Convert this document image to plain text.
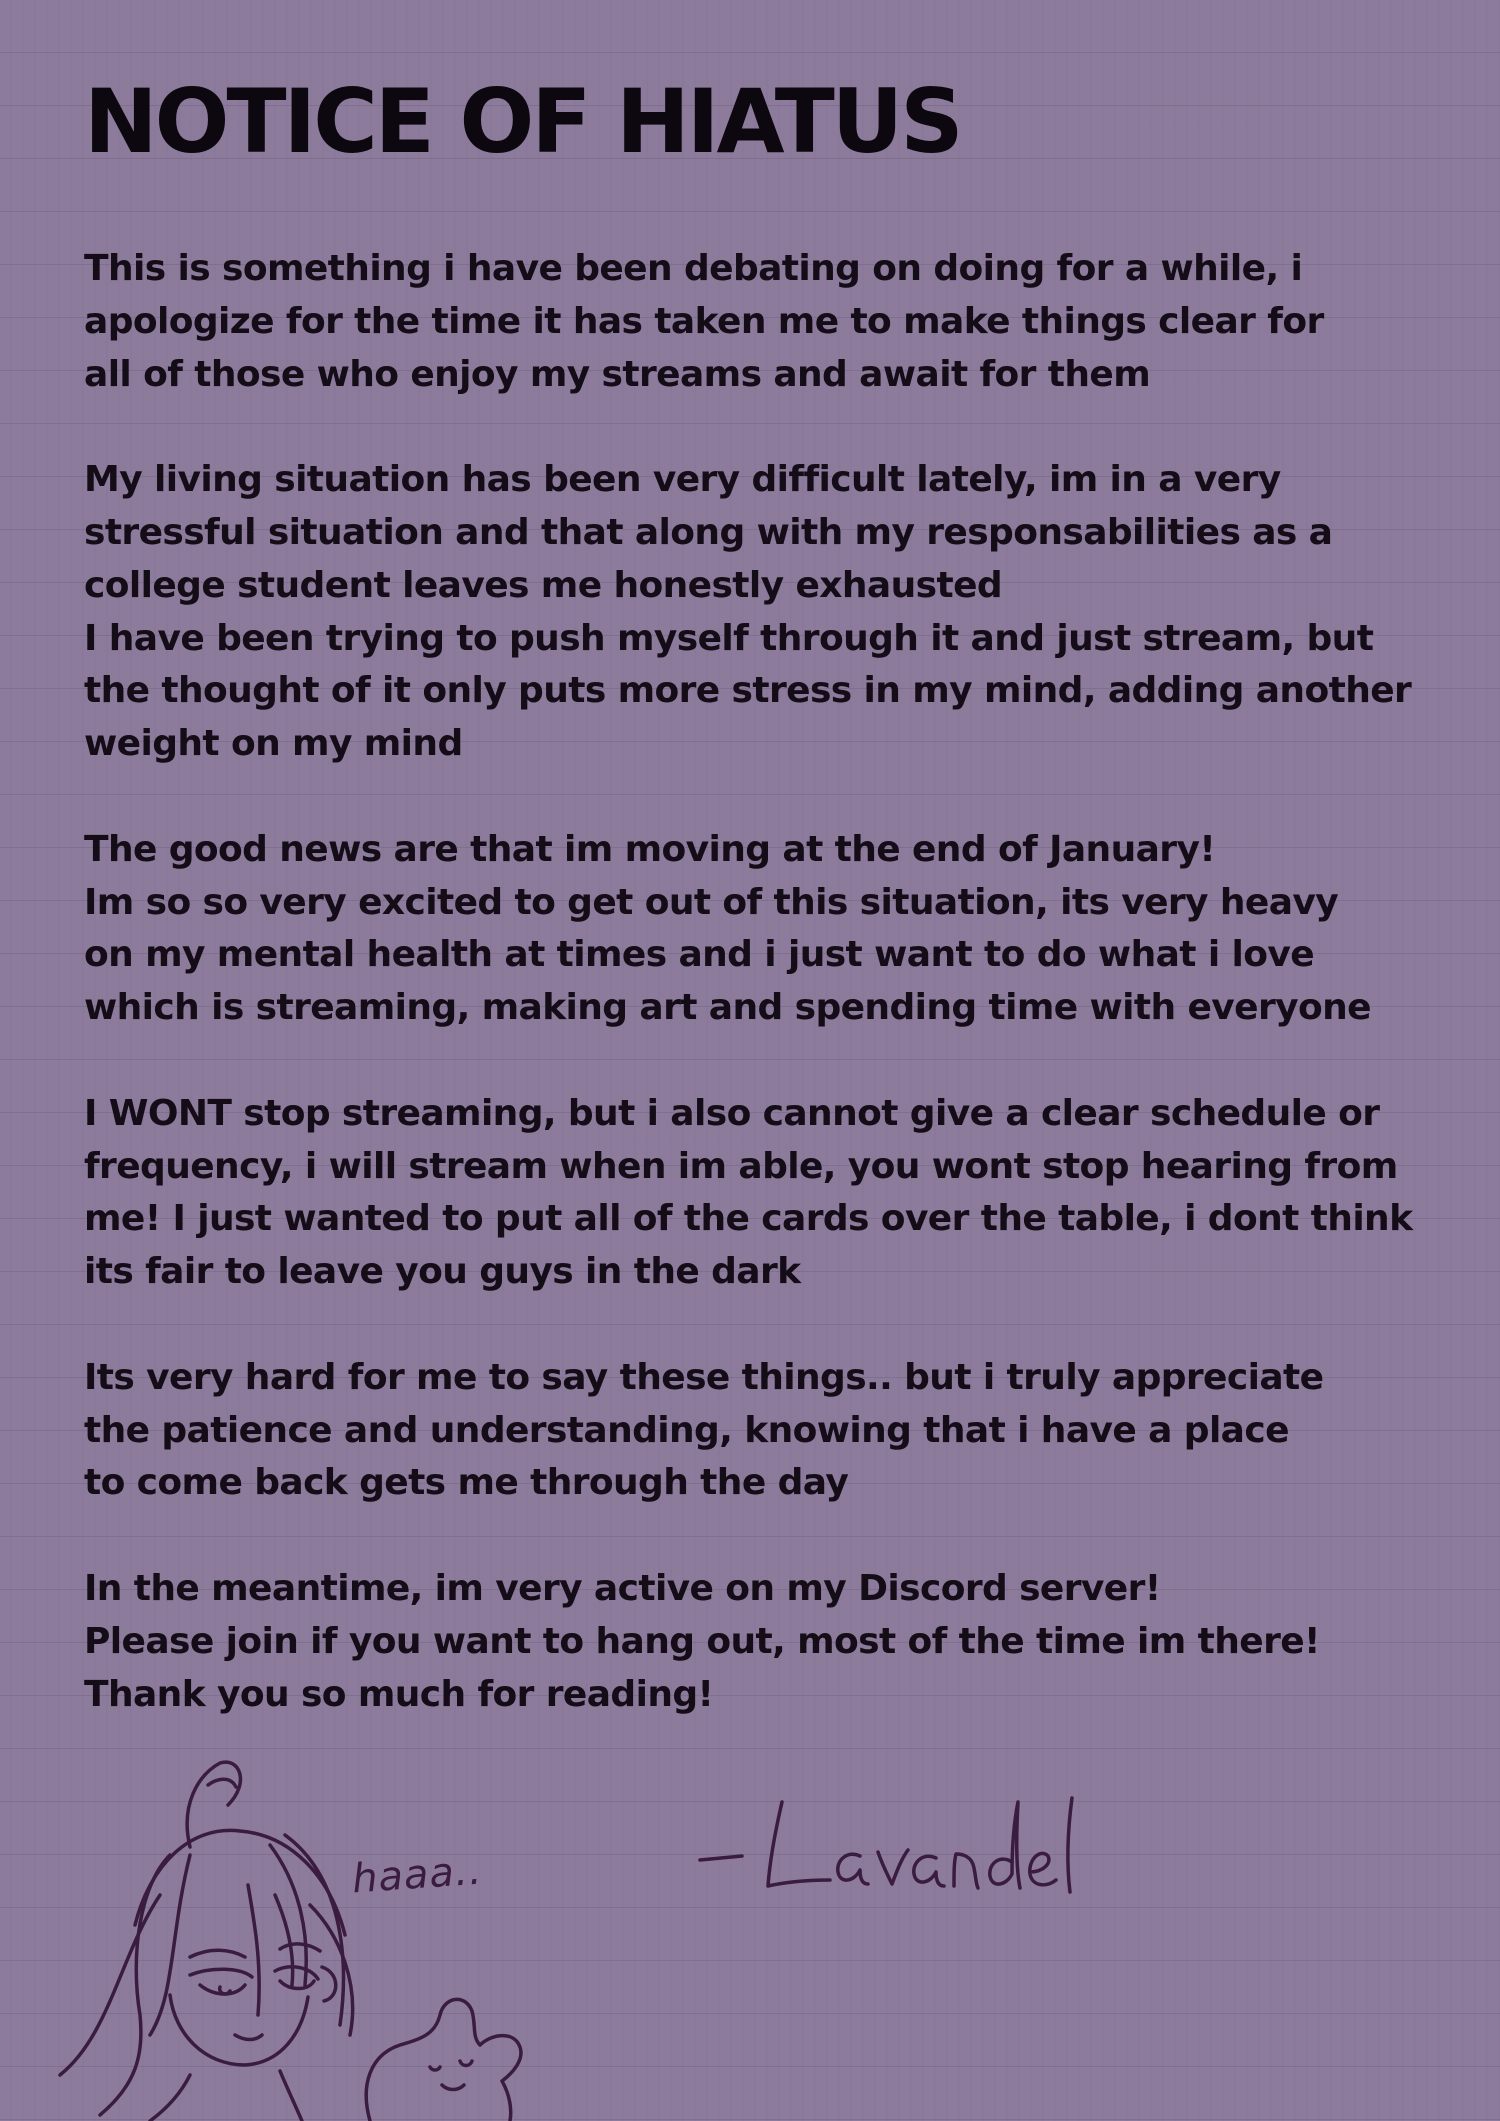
NOTICE OF HIATUS

This is something i have been debating on doing for a while, i
apologize for the time it has taken me to make things clear for
all of those who enjoy my streams and await for them

My living situation has been very difficult lately, im in a very
stressful situation and that along with my responsabilities as a
college student leaves me honestly exhausted
I have been trying to push myself through it and just stream, but
the thought of it only puts more stress in my mind, adding another
weight on my mind

The good news are that im moving at the end of January!
Im so so very excited to get out of this situation, its very heavy
on my mental health at times and i just want to do what i love
which is streaming, making art and spending time with everyone

I WONT stop streaming, but i also cannot give a clear schedule or
frequency, i will stream when im able, you wont stop hearing from
me! I just wanted to put all of the cards over the table, i dont think
its fair to leave you guys in the dark

Its very hard for me to say these things.. but i truly appreciate
the patience and understanding, knowing that i have a place
to come back gets me through the day

In the meantime, im very active on my Discord server!
Please join if you want to hang out, most of the time im there!
Thank you so much for reading!

haaa..
